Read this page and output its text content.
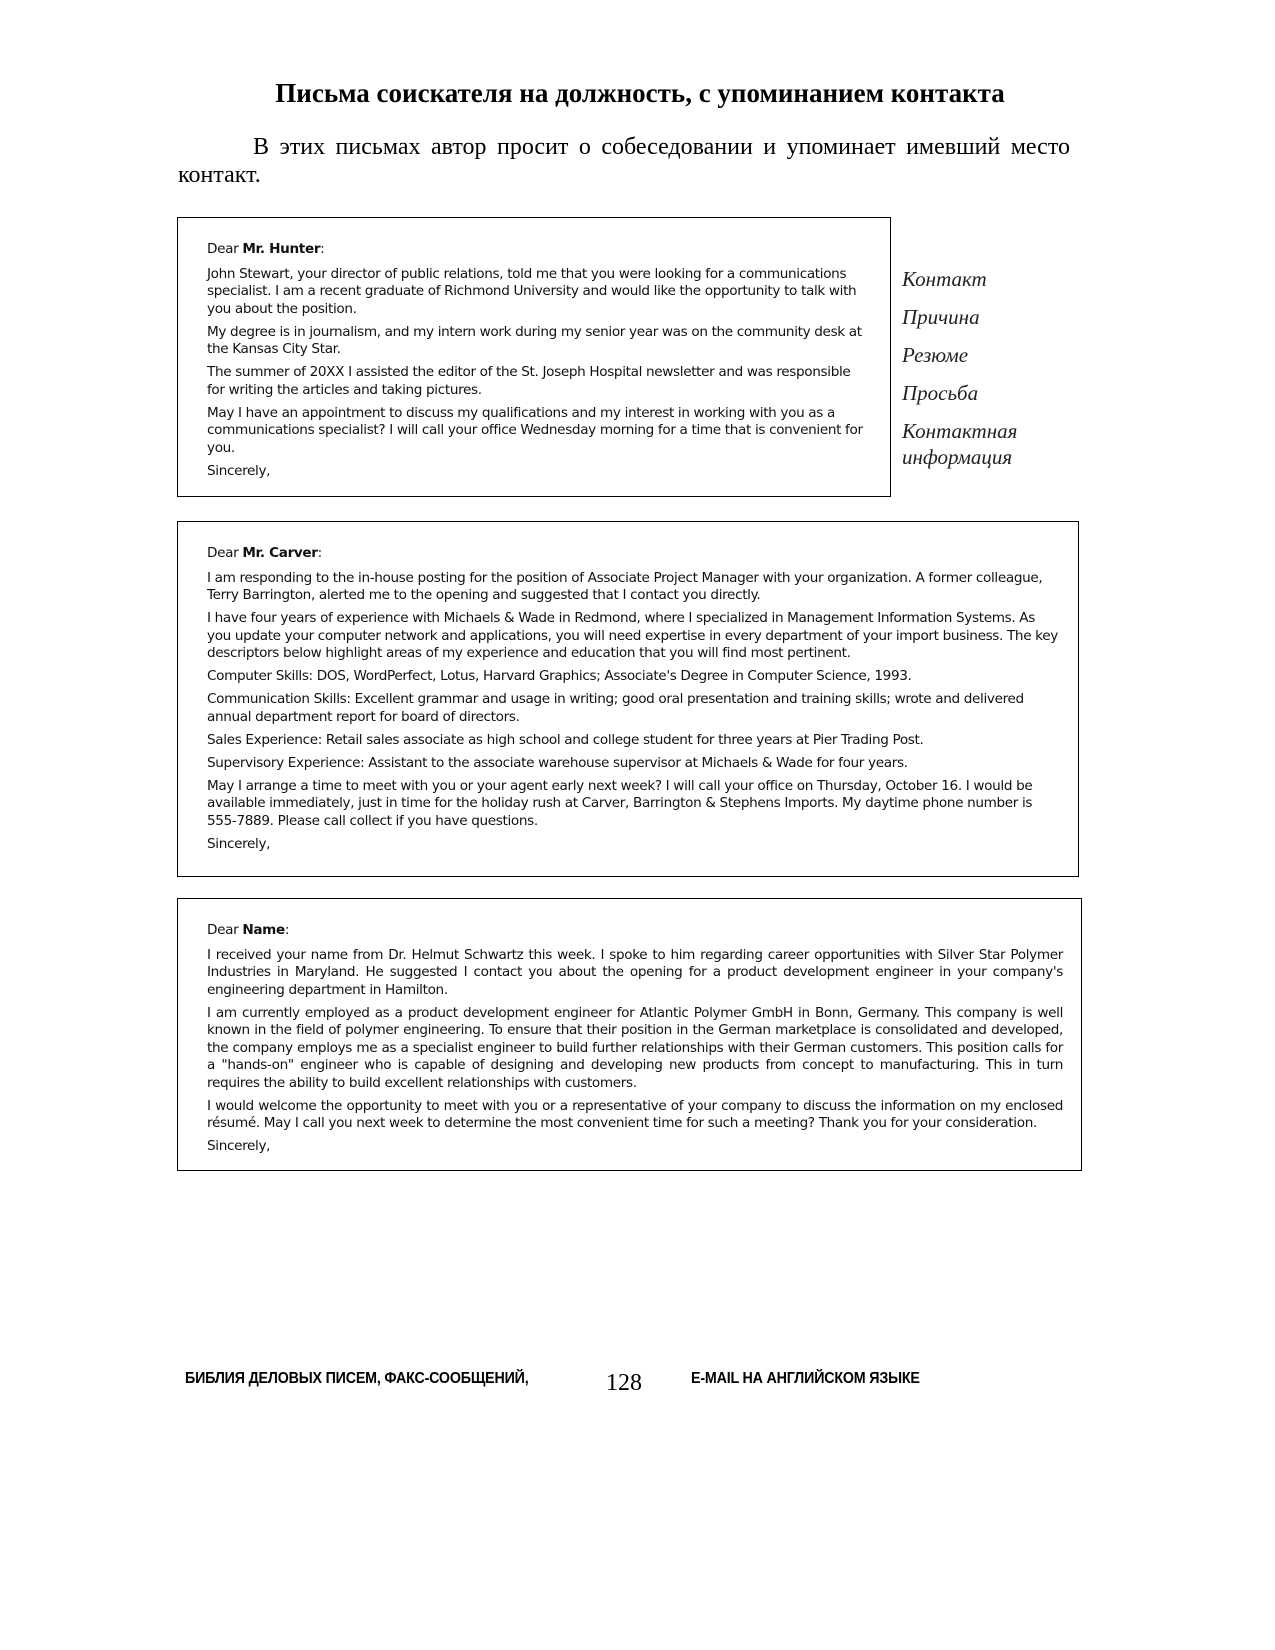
Письма соискателя на должность, с упоминанием контакта

В этих письмах автор просит о собеседовании и упоминает имевший место контакт.

Dear Mr. Hunter:

John Stewart, your director of public relations, told me that you were looking for a communications specialist. I am a recent graduate of Richmond University and would like the opportunity to talk with you about the position.

My degree is in journalism, and my intern work during my senior year was on the community desk at the Kansas City Star.

The summer of 20XX I assisted the editor of the St. Joseph Hospital newsletter and was responsible for writing the articles and taking pictures.

May I have an appointment to discuss my qualifications and my interest in working with you as a communications specialist? I will call your office Wednesday morning for a time that is convenient for you.

Sincerely,

Контакт
Причина
Резюме
Просьба
Контактная информация

Dear Mr. Carver:

I am responding to the in-house posting for the position of Associate Project Manager with your organization. A former colleague, Terry Barrington, alerted me to the opening and suggested that I contact you directly.

I have four years of experience with Michaels & Wade in Redmond, where I specialized in Management Information Systems. As you update your computer network and applications, you will need expertise in every department of your import business. The key descriptors below highlight areas of my experience and education that you will find most pertinent.

Computer Skills: DOS, WordPerfect, Lotus, Harvard Graphics; Associate's Degree in Computer Science, 1993.

Communication Skills: Excellent grammar and usage in writing; good oral presentation and training skills; wrote and delivered annual department report for board of directors.

Sales Experience: Retail sales associate as high school and college student for three years at Pier Trading Post.

Supervisory Experience: Assistant to the associate warehouse supervisor at Michaels & Wade for four years.

May I arrange a time to meet with you or your agent early next week? I will call your office on Thursday, October 16. I would be available immediately, just in time for the holiday rush at Carver, Barrington & Stephens Imports. My daytime phone number is 555-7889. Please call collect if you have questions.

Sincerely,

Dear Name:

I received your name from Dr. Helmut Schwartz this week. I spoke to him regarding career opportunities with Silver Star Polymer Industries in Maryland. He suggested I contact you about the opening for a product development engineer in your company's engineering department in Hamilton.

I am currently employed as a product development engineer for Atlantic Polymer GmbH in Bonn, Germany. This company is well known in the field of polymer engineering. To ensure that their position in the German marketplace is consolidated and developed, the company employs me as a specialist engineer to build further relationships with their German customers. This position calls for a "hands-on" engineer who is capable of designing and developing new products from concept to manufacturing. This in turn requires the ability to build excellent relationships with customers.

I would welcome the opportunity to meet with you or a representative of your company to discuss the information on my enclosed résumé. May I call you next week to determine the most convenient time for such a meeting? Thank you for your consideration.

Sincerely,

БИБЛИЯ ДЕЛОВЫХ ПИСЕМ, ФАКС-СООБЩЕНИЙ,	128	E-MAIL НА АНГЛИЙСКОМ ЯЗЫКЕ
